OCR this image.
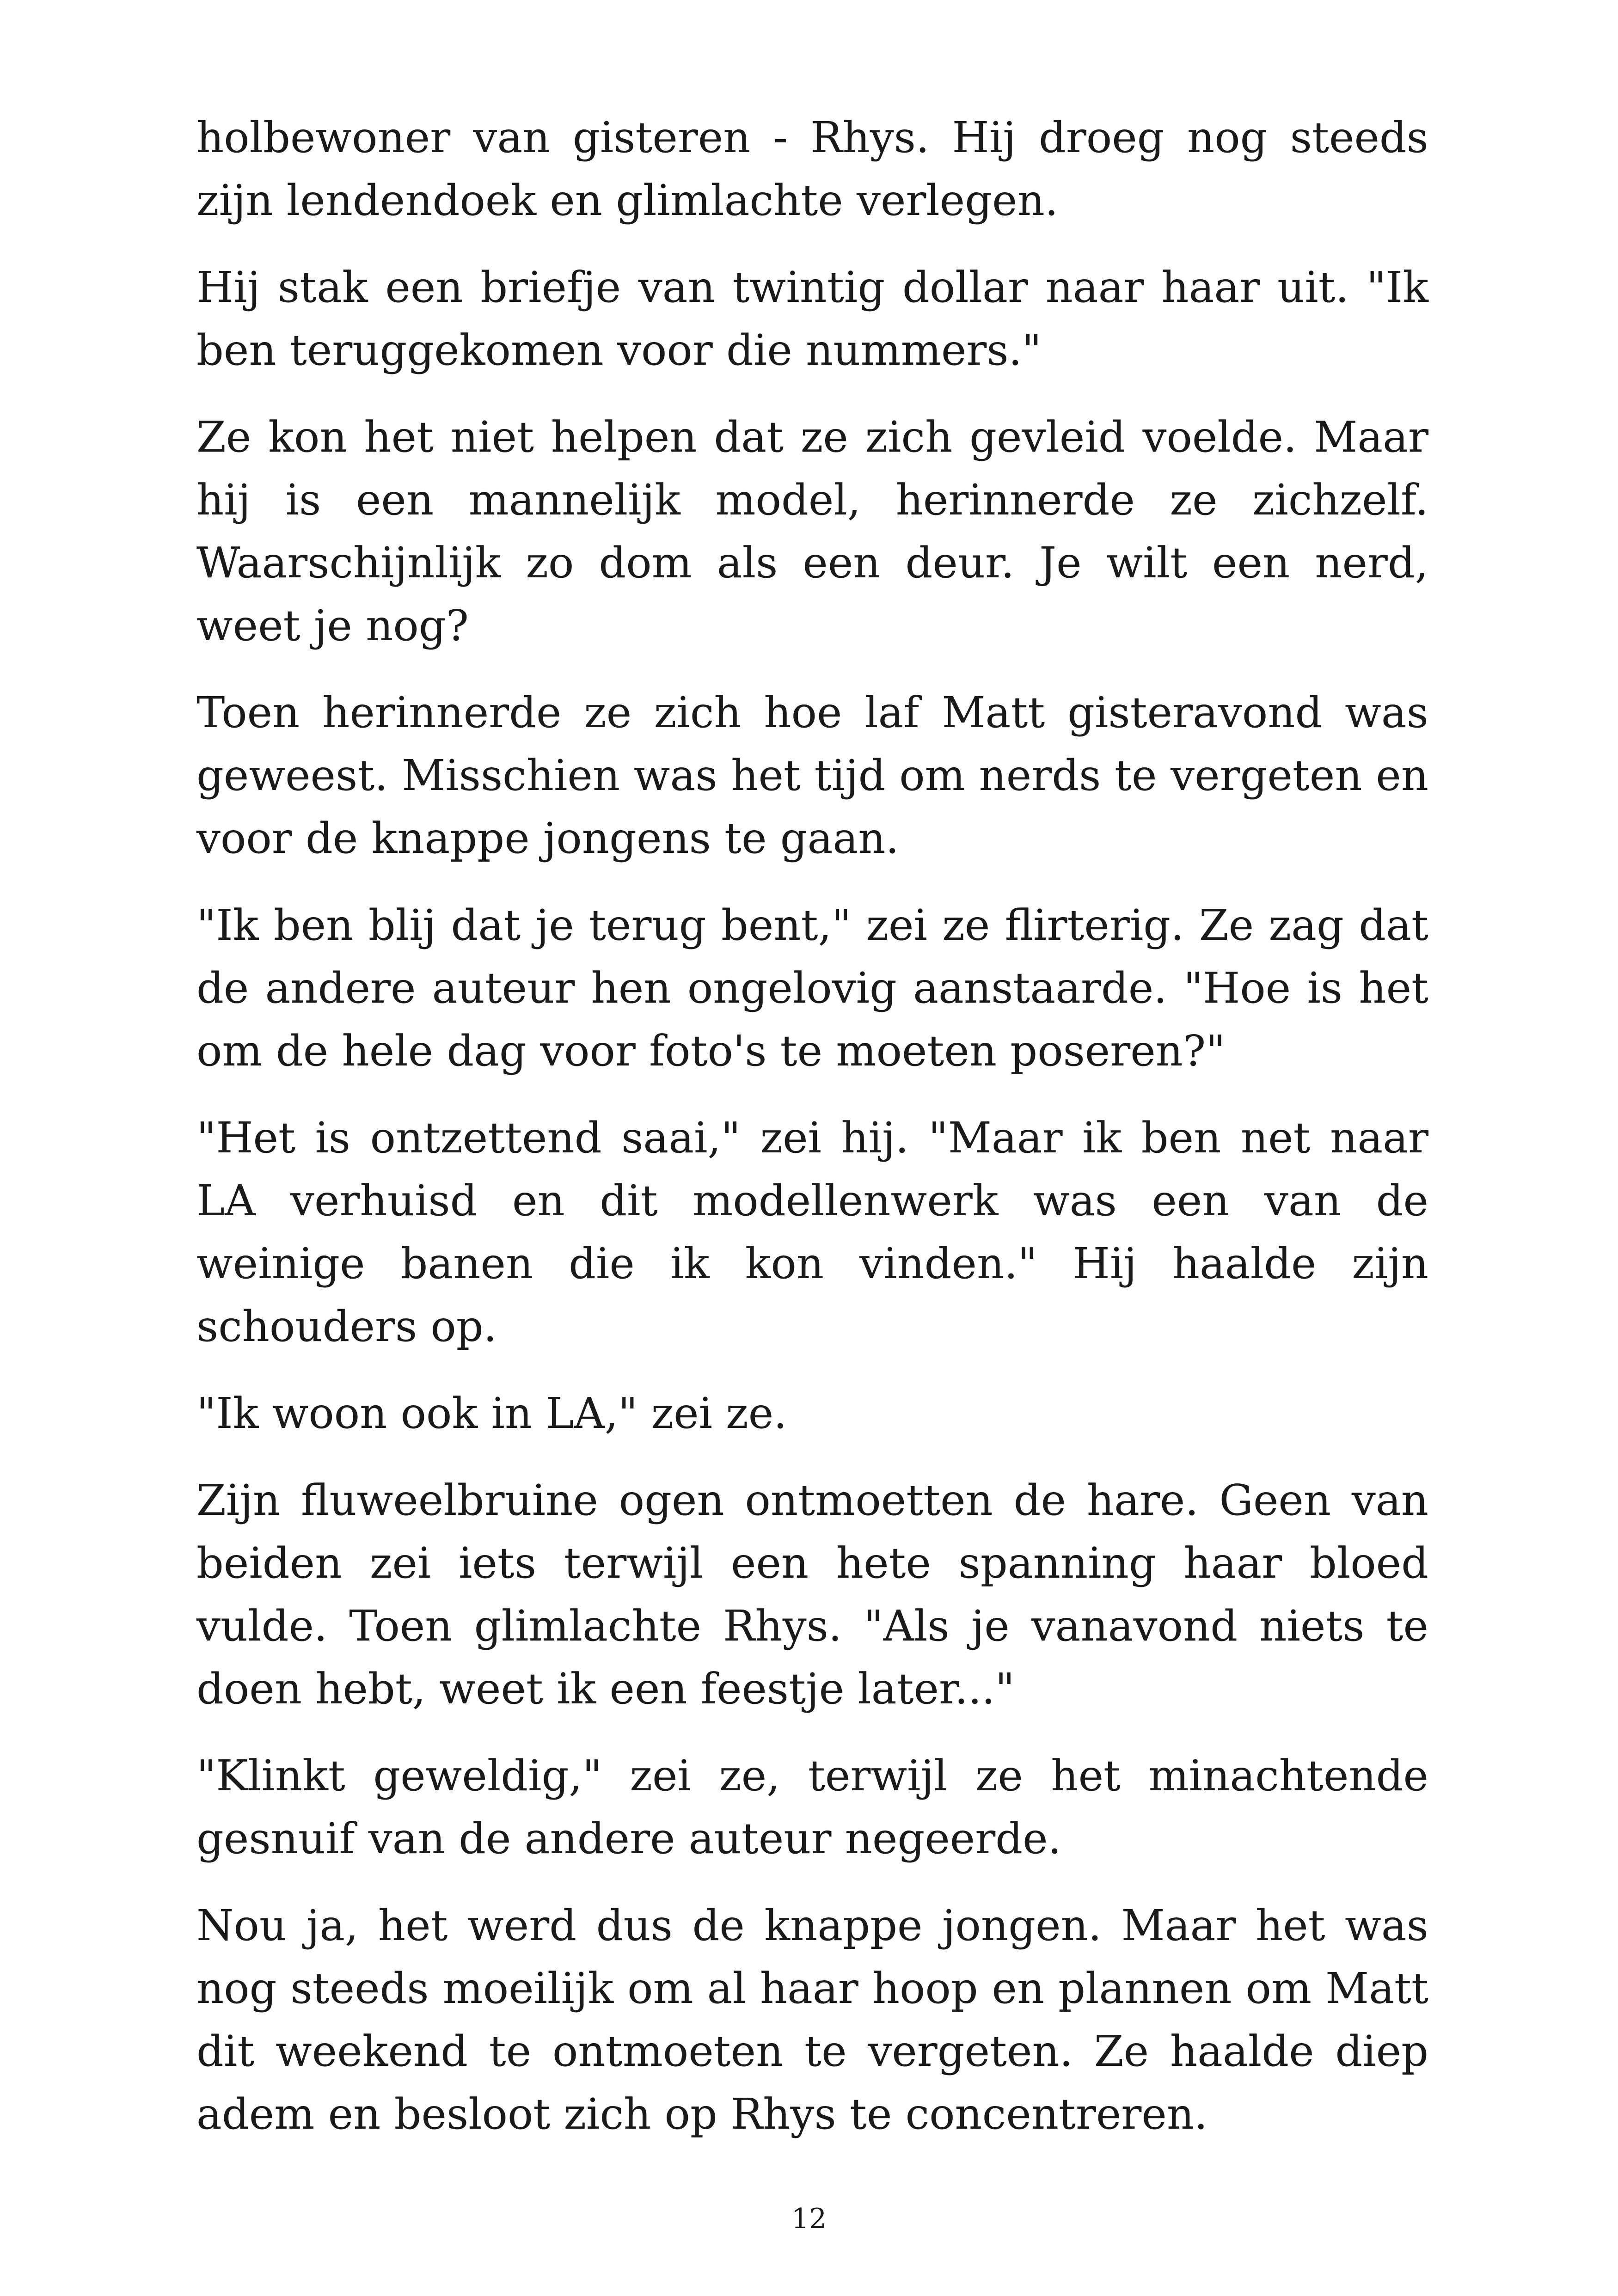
holbewoner van gisteren - Rhys. Hij droeg nog steeds zijn lendendoek en glimlachte verlegen.

Hij stak een briefje van twintig dollar naar haar uit. "Ik ben teruggekomen voor die nummers."

Ze kon het niet helpen dat ze zich gevleid voelde. Maar hij is een mannelijk model, herinnerde ze zichzelf. Waarschijnlijk zo dom als een deur. Je wilt een nerd, weet je nog?

Toen herinnerde ze zich hoe laf Matt gisteravond was geweest. Misschien was het tijd om nerds te vergeten en voor de knappe jongens te gaan.

"Ik ben blij dat je terug bent," zei ze flirterig. Ze zag dat de andere auteur hen ongelovig aanstaarde. "Hoe is het om de hele dag voor foto's te moeten poseren?"

"Het is ontzettend saai," zei hij. "Maar ik ben net naar LA verhuisd en dit modellenwerk was een van de weinige banen die ik kon vinden." Hij haalde zijn schouders op.

"Ik woon ook in LA," zei ze.

Zijn fluweelbruine ogen ontmoetten de hare. Geen van beiden zei iets terwijl een hete spanning haar bloed vulde. Toen glimlachte Rhys. "Als je vanavond niets te doen hebt, weet ik een feestje later..."

"Klinkt geweldig," zei ze, terwijl ze het minachtende gesnuif van de andere auteur negeerde.

Nou ja, het werd dus de knappe jongen. Maar het was nog steeds moeilijk om al haar hoop en plannen om Matt dit weekend te ontmoeten te vergeten. Ze haalde diep adem en besloot zich op Rhys te concentreren.

12
